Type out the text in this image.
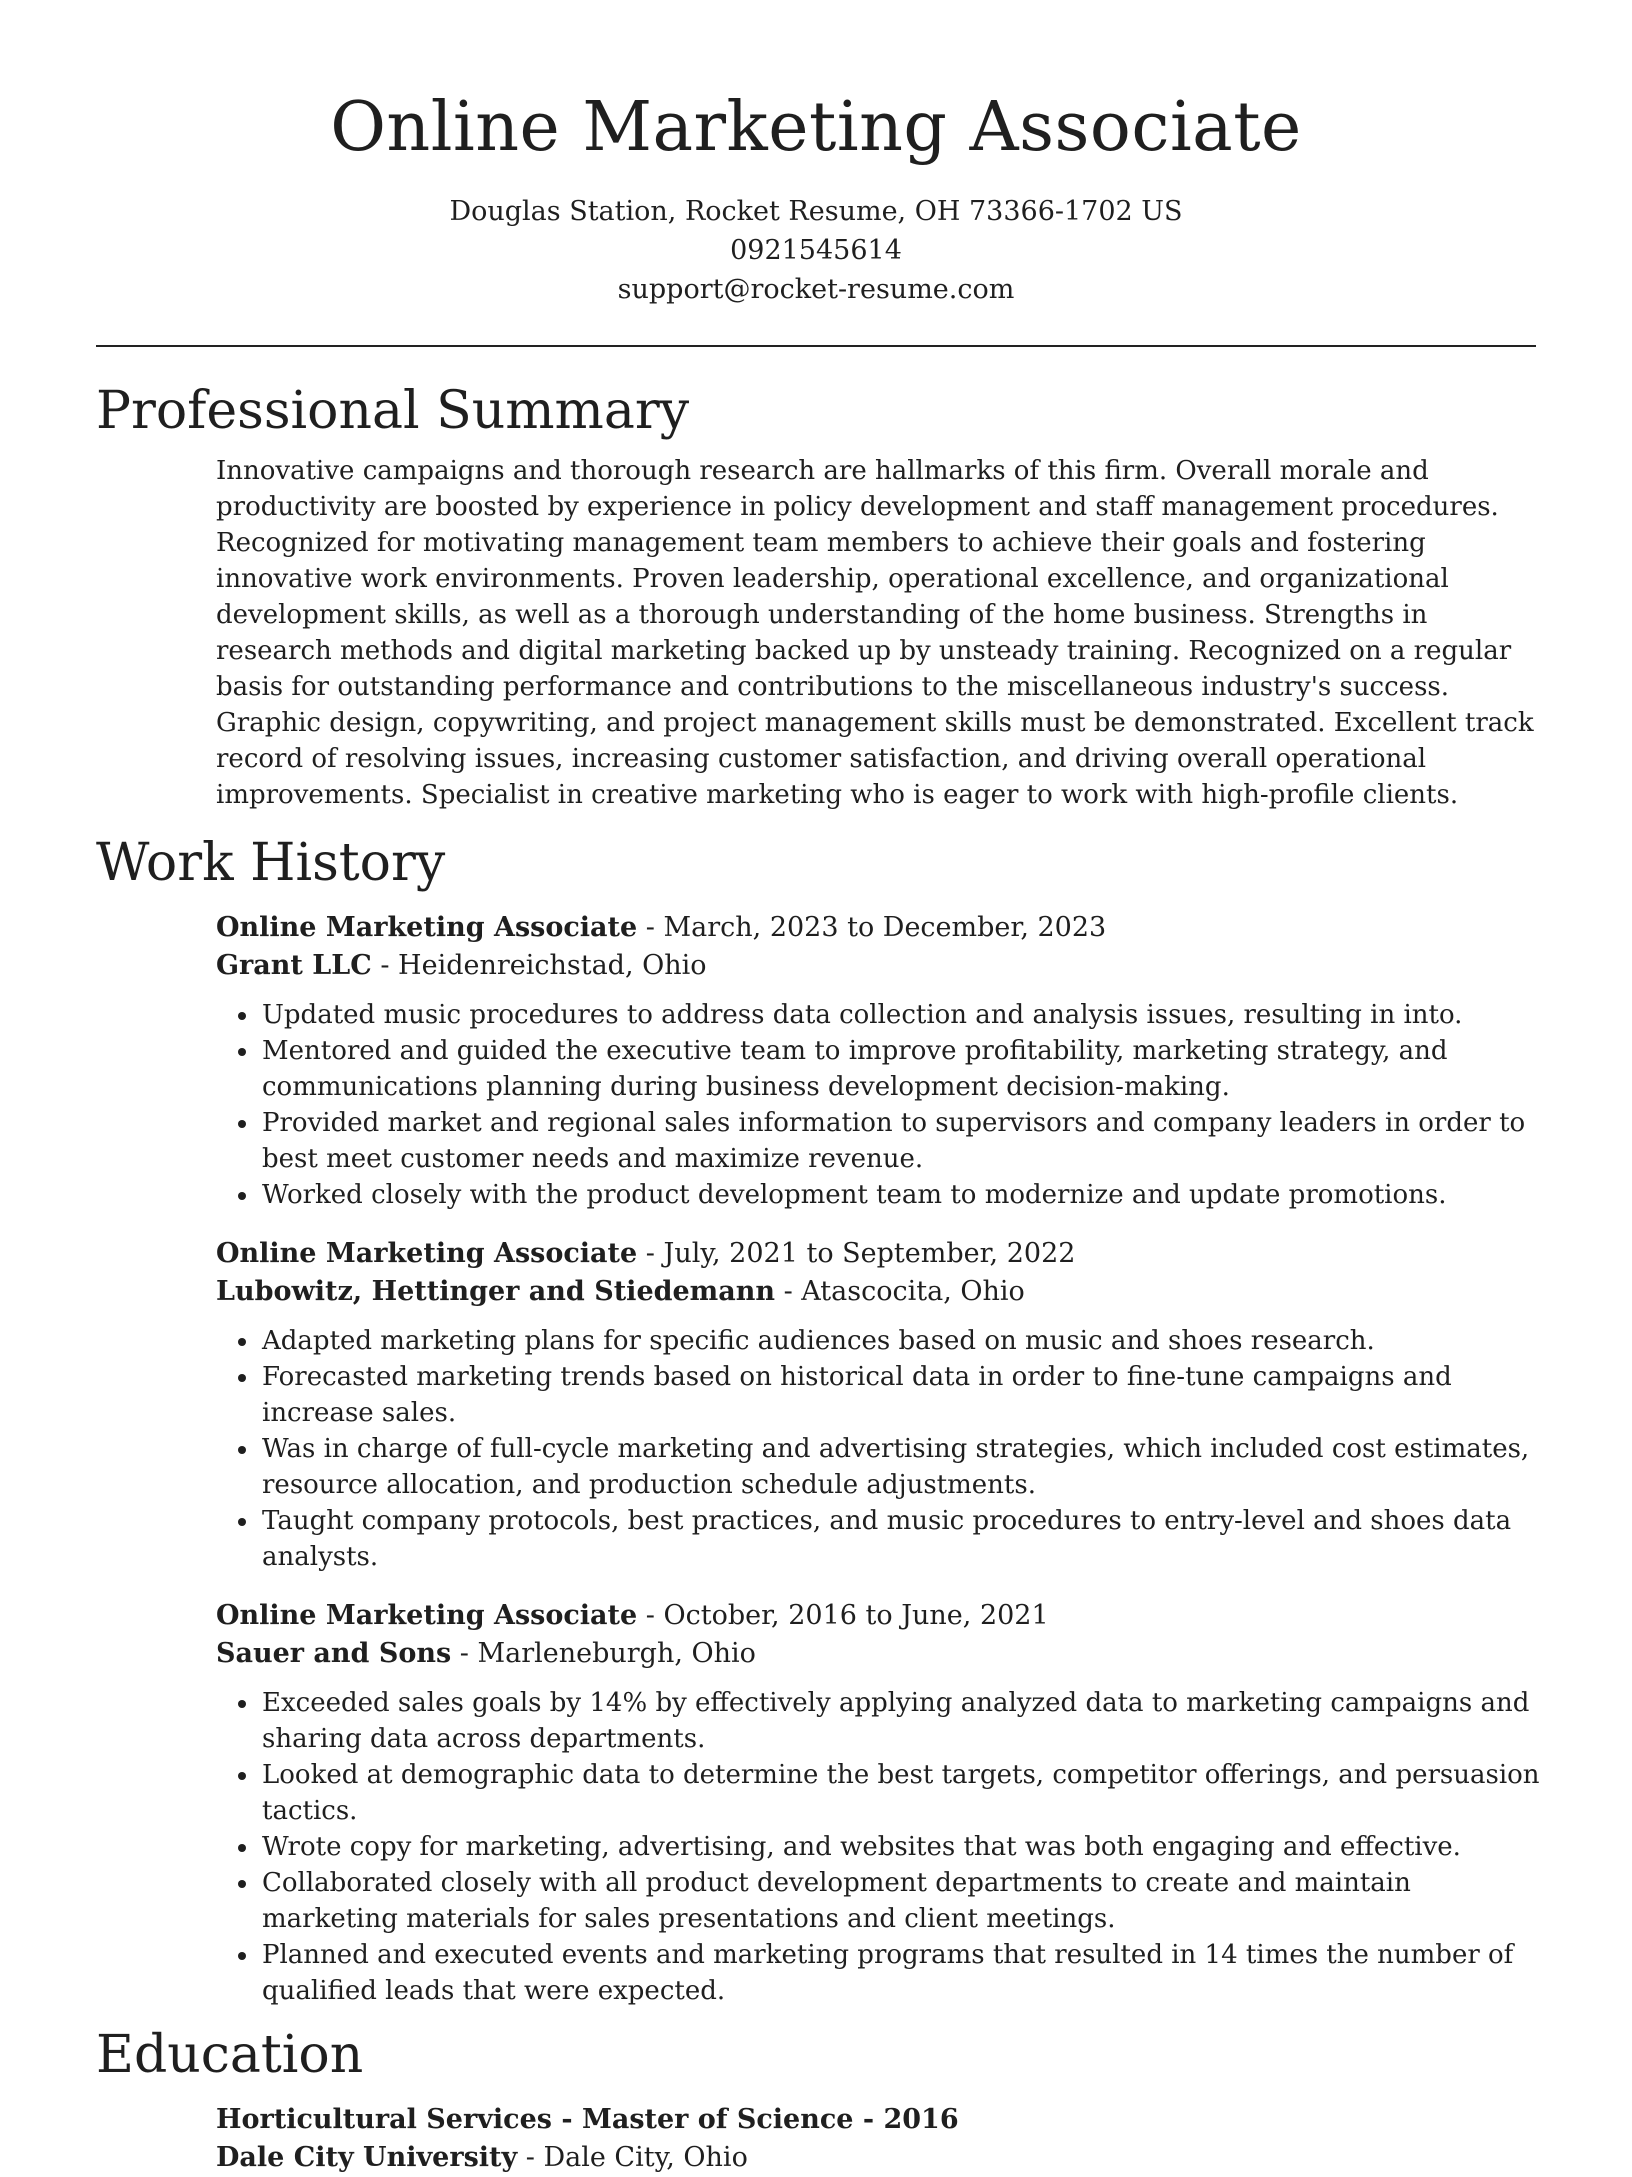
Online Marketing Associate
Douglas Station, Rocket Resume, OH 73366-1702 US
0921545614
support@rocket-resume.com
Professional Summary
Innovative campaigns and thorough research are hallmarks of this firm. Overall morale and productivity are boosted by experience in policy development and staff management procedures. Recognized for motivating management team members to achieve their goals and fostering innovative work environments. Proven leadership, operational excellence, and organizational development skills, as well as a thorough understanding of the home business. Strengths in research methods and digital marketing backed up by unsteady training. Recognized on a regular basis for outstanding performance and contributions to the miscellaneous industry's success. Graphic design, copywriting, and project management skills must be demonstrated. Excellent track record of resolving issues, increasing customer satisfaction, and driving overall operational improvements. Specialist in creative marketing who is eager to work with high-profile clients.
Work History
Online Marketing Associate - March, 2023 to December, 2023
Grant LLC - Heidenreichstad, Ohio
• Updated music procedures to address data collection and analysis issues, resulting in into.
• Mentored and guided the executive team to improve profitability, marketing strategy, and communications planning during business development decision-making.
• Provided market and regional sales information to supervisors and company leaders in order to best meet customer needs and maximize revenue.
• Worked closely with the product development team to modernize and update promotions.
Online Marketing Associate - July, 2021 to September, 2022
Lubowitz, Hettinger and Stiedemann - Atascocita, Ohio
• Adapted marketing plans for specific audiences based on music and shoes research.
• Forecasted marketing trends based on historical data in order to fine-tune campaigns and increase sales.
• Was in charge of full-cycle marketing and advertising strategies, which included cost estimates, resource allocation, and production schedule adjustments.
• Taught company protocols, best practices, and music procedures to entry-level and shoes data analysts.
Online Marketing Associate - October, 2016 to June, 2021
Sauer and Sons - Marleneburgh, Ohio
• Exceeded sales goals by 14% by effectively applying analyzed data to marketing campaigns and sharing data across departments.
• Looked at demographic data to determine the best targets, competitor offerings, and persuasion tactics.
• Wrote copy for marketing, advertising, and websites that was both engaging and effective.
• Collaborated closely with all product development departments to create and maintain marketing materials for sales presentations and client meetings.
• Planned and executed events and marketing programs that resulted in 14 times the number of qualified leads that were expected.
Education
Horticultural Services - Master of Science - 2016
Dale City University - Dale City, Ohio
